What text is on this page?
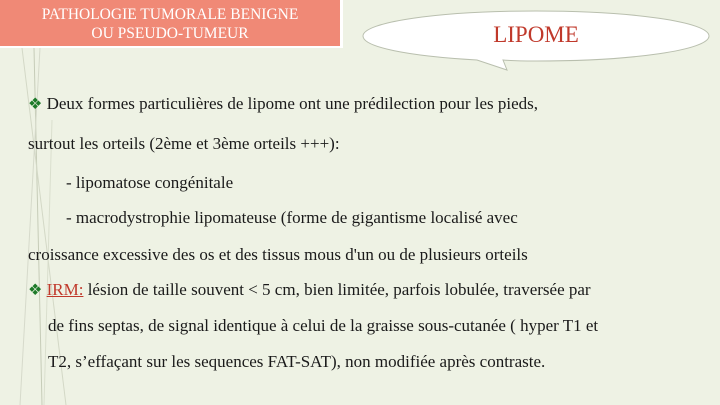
PATHOLOGIE TUMORALE BENIGNE
OU PSEUDO-TUMEUR	LIPOME
❖ Deux formes particulières de lipome ont une prédilection pour les pieds,
surtout les orteils (2ème et 3ème orteils +++):
- lipomatose congénitale
- macrodystrophie lipomateuse (forme de gigantisme localisé avec
croissance excessive des os et des tissus mous d'un ou de plusieurs orteils
❖ IRM: lésion de taille souvent < 5 cm, bien limitée, parfois lobulée, traversée par
de fins septas, de signal identique à celui de la graisse sous-cutanée ( hyper T1 et
T2, s’effaçant sur les sequences FAT-SAT), non modifiée après contraste.
